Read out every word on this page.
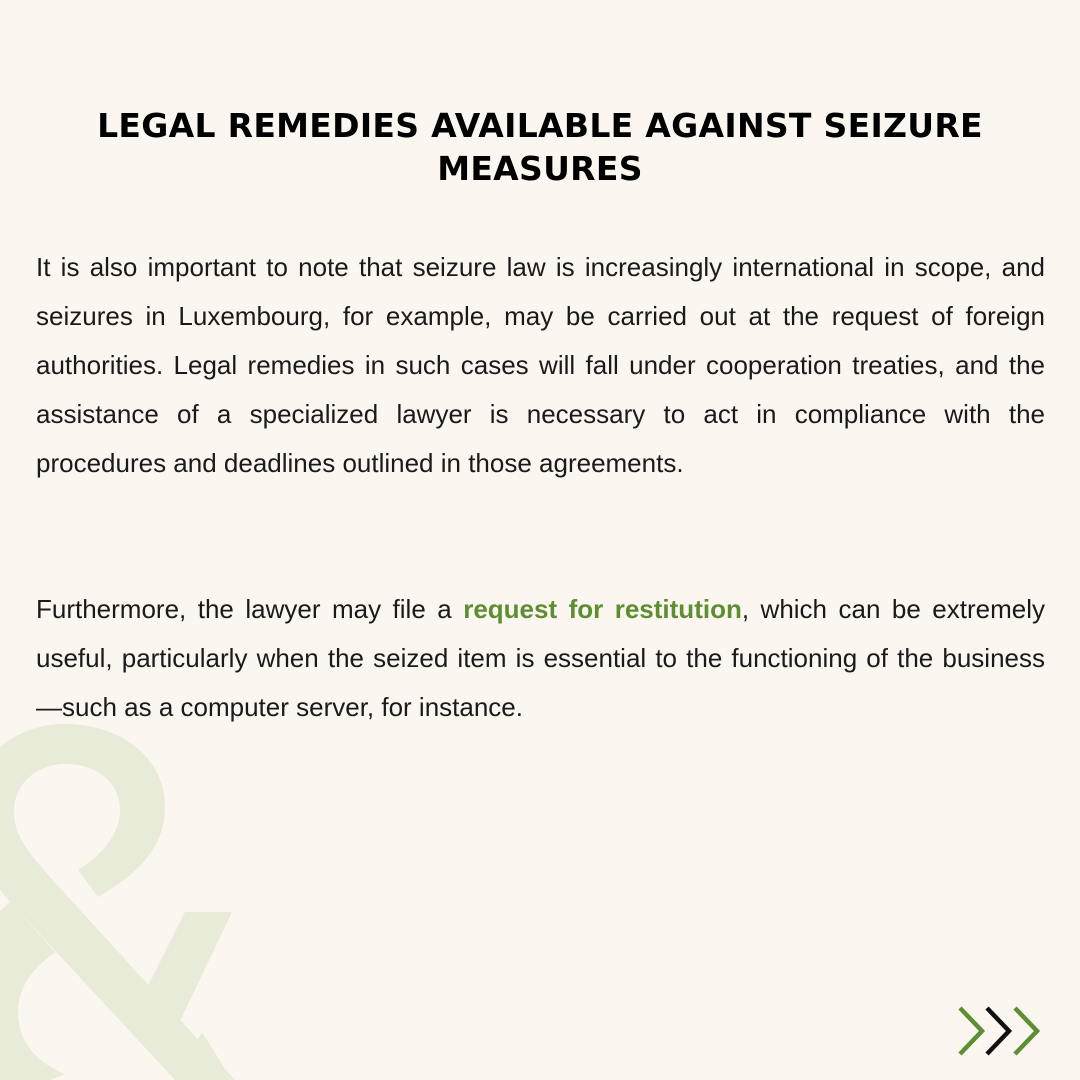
LEGAL REMEDIES AVAILABLE AGAINST SEIZURE MEASURES

It is also important to note that seizure law is increasingly international in scope, and seizures in Luxembourg, for example, may be carried out at the request of foreign authorities. Legal remedies in such cases will fall under cooperation treaties, and the assistance of a specialized lawyer is necessary to act in compliance with the procedures and deadlines outlined in those agreements.

Furthermore, the lawyer may file a request for restitution, which can be extremely useful, particularly when the seized item is essential to the functioning of the business—such as a computer server, for instance.
